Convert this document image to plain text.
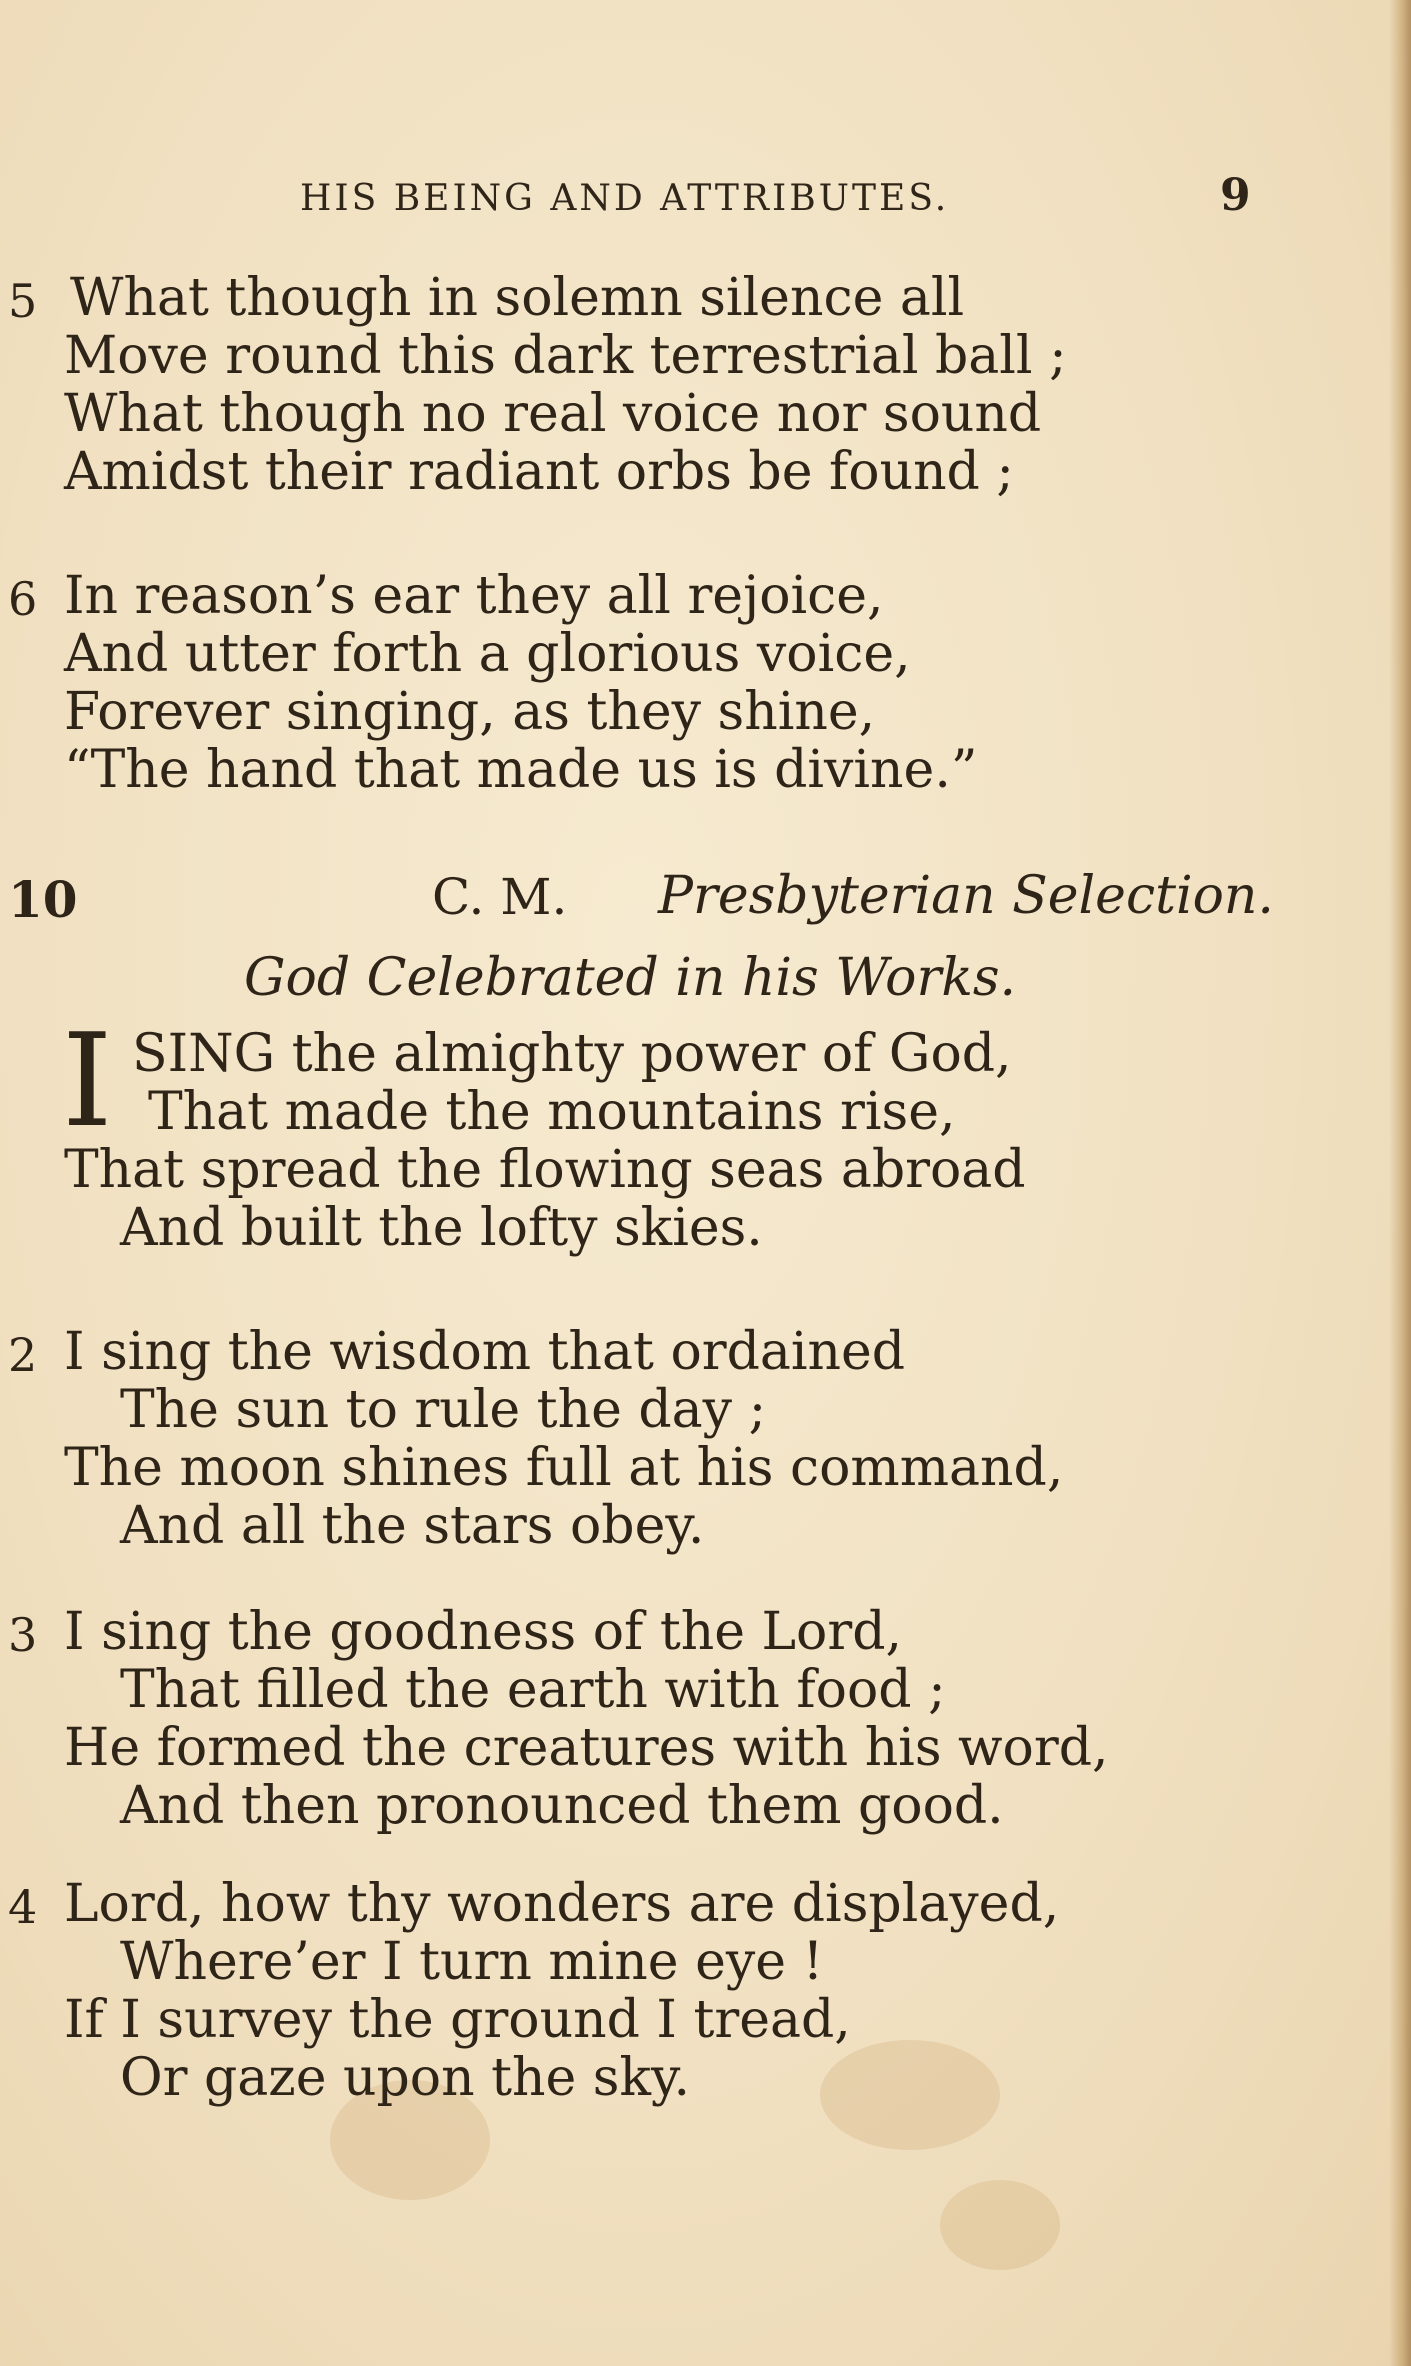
HIS BEING AND ATTRIBUTES.	9
5 What though in solemn silence all
Move round this dark terrestrial ball ;
What though no real voice nor sound
Amidst their radiant orbs be found ;
6 In reason’s ear they all rejoice,
And utter forth a glorious voice,
Forever singing, as they shine,
“The hand that made us is divine.”
10	C. M. Presbyterian Selection.
God Celebrated in his Works.
I SING the almighty power of God,
That made the mountains rise,
That spread the flowing seas abroad
And built the lofty skies.
2 I sing the wisdom that ordained
The sun to rule the day ;
The moon shines full at his command,
And all the stars obey.
3 I sing the goodness of the Lord,
That filled the earth with food ;
He formed the creatures with his word,
And then pronounced them good.
4 Lord, how thy wonders are displayed,
Where’er I turn mine eye !
If I survey the ground I tread,
Or gaze upon the sky.
